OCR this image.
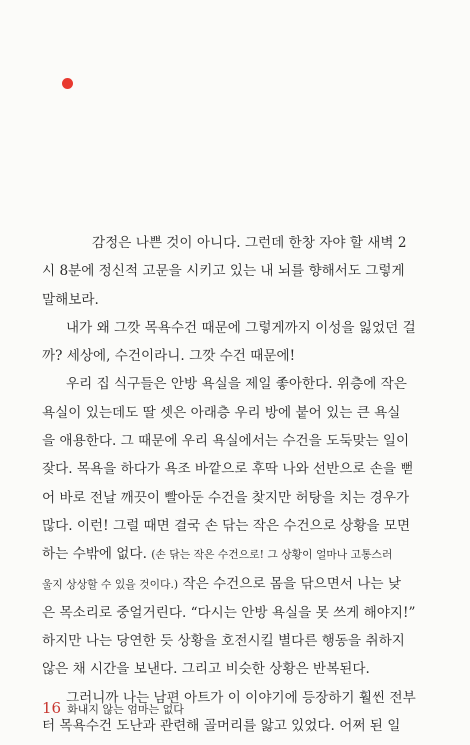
감정은 나쁜 것이 아니다. 그런데 한창 자야 할 새벽 2
시 8분에 정신적 고문을 시키고 있는 내 뇌를 향해서도 그렇게
말해보라.

내가 왜 그깟 목욕수건 때문에 그렇게까지 이성을 잃었던 걸
까? 세상에, 수건이라니. 그깟 수건 때문에!

우리 집 식구들은 안방 욕실을 제일 좋아한다. 위층에 작은
욕실이 있는데도 딸 셋은 아래층 우리 방에 붙어 있는 큰 욕실
을 애용한다. 그 때문에 우리 욕실에서는 수건을 도둑맞는 일이
잦다. 목욕을 하다가 욕조 바깥으로 후딱 나와 선반으로 손을 뻗
어 바로 전날 깨끗이 빨아둔 수건을 찾지만 허탕을 치는 경우가
많다. 이런! 그럴 때면 결국 손 닦는 작은 수건으로 상황을 모면
하는 수밖에 없다. (손 닦는 작은 수건으로! 그 상황이 얼마나 고통스러
울지 상상할 수 있을 것이다.) 작은 수건으로 몸을 닦으면서 나는 낮
은 목소리로 중얼거린다. “다시는 안방 욕실을 못 쓰게 해야지!”
하지만 나는 당연한 듯 상황을 호전시킬 별다른 행동을 취하지
않은 채 시간을 보낸다. 그리고 비슷한 상황은 반복된다.

그러니까 나는 남편 아트가 이 이야기에 등장하기 훨씬 전부
터 목욕수건 도난과 관련해 골머리를 앓고 있었다. 어쩌 된 일

16 화내지 않는 엄마는 없다
